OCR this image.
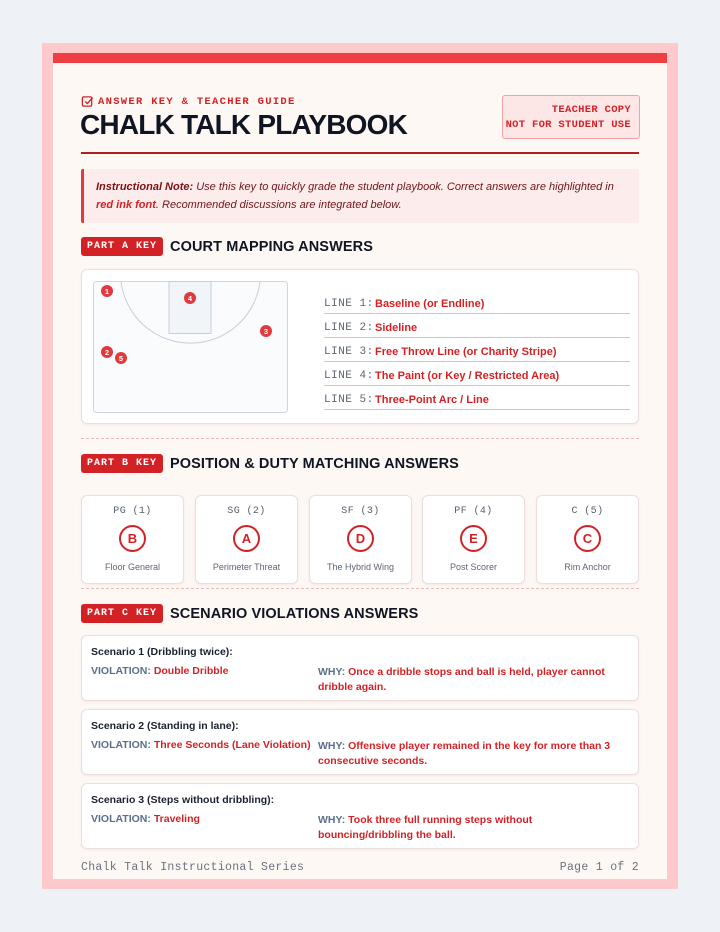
ANSWER KEY & TEACHER GUIDE
CHALK TALK PLAYBOOK	TEACHER COPY
NOT FOR STUDENT USE
Instructional Note: Use this key to quickly grade the student playbook. Correct answers are highlighted in red ink font. Recommended discussions are integrated below.
PART A KEY COURT MAPPING ANSWERS
1
4
3
2
5
LINE 1: Baseline (or Endline)
LINE 2: Sideline
LINE 3: Free Throw Line (or Charity Stripe)
LINE 4: The Paint (or Key / Restricted Area)
LINE 5: Three-Point Arc / Line
PART B KEY POSITION & DUTY MATCHING ANSWERS
PG (1)
B
Floor General
SG (2)
A
Perimeter Threat
SF (3)
D
The Hybrid Wing
PF (4)
E
Post Scorer
C (5)
C
Rim Anchor
PART C KEY SCENARIO VIOLATIONS ANSWERS
Scenario 1 (Dribbling twice):
VIOLATION: Double Dribble	WHY: Once a dribble stops and ball is held, player cannot dribble again.
Scenario 2 (Standing in lane):
VIOLATION: Three Seconds (Lane Violation) WHY: Offensive player remained in the key for more than 3 consecutive seconds.
Scenario 3 (Steps without dribbling):
VIOLATION: Traveling	WHY: Took three full running steps without bouncing/dribbling the ball.
Chalk Talk Instructional Series	Page 1 of 2
